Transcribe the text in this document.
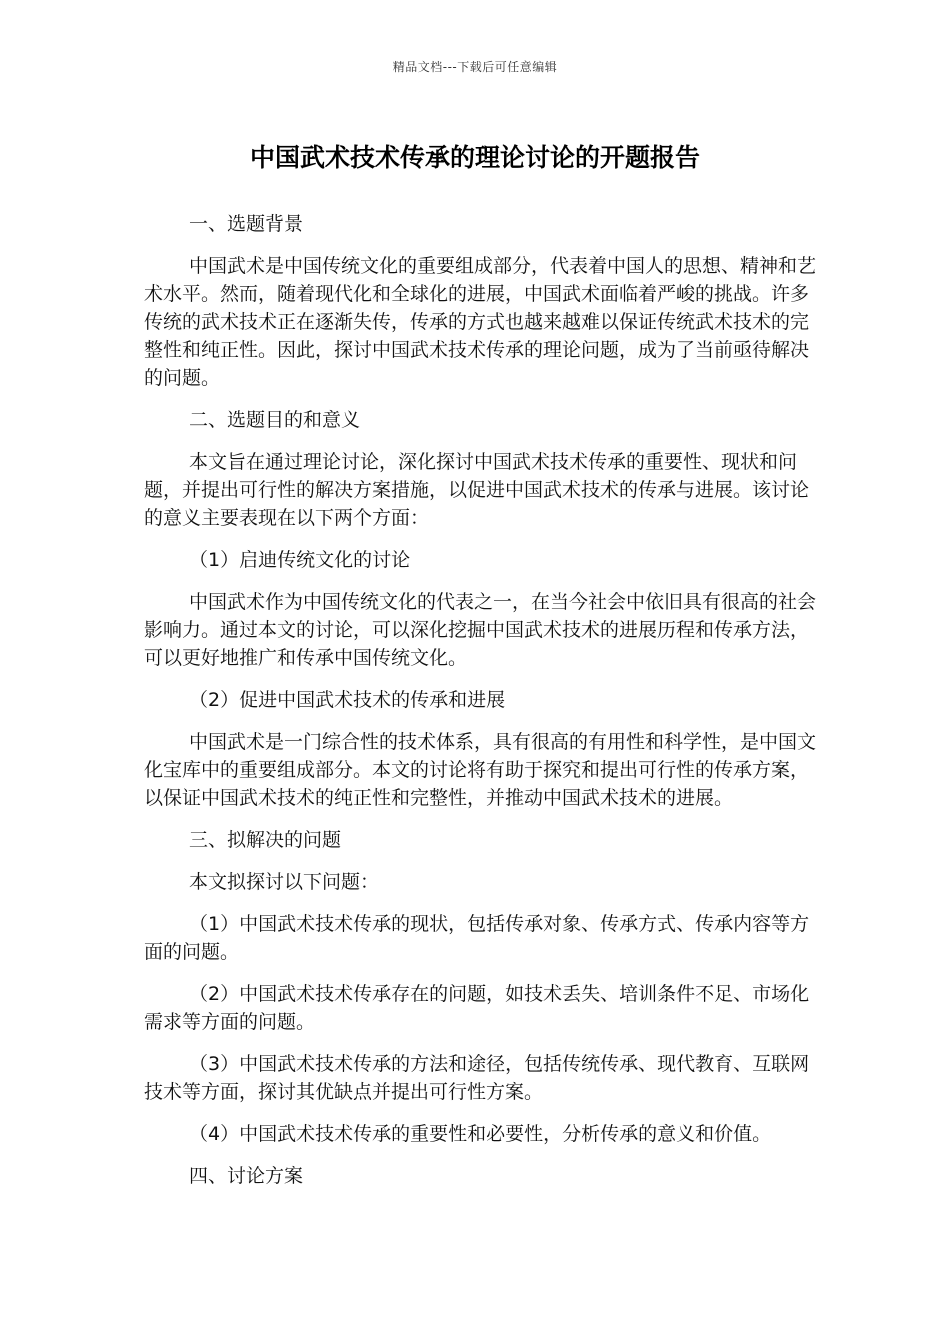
精品文档---下载后可任意编辑
中国武术技术传承的理论讨论的开题报告

一、选题背景

中国武术是中国传统文化的重要组成部分，代表着中国人的思想、精神和艺术水平。然而，随着现代化和全球化的进展，中国武术面临着严峻的挑战。许多传统的武术技术正在逐渐失传，传承的方式也越来越难以保证传统武术技术的完整性和纯正性。因此，探讨中国武术技术传承的理论问题，成为了当前亟待解决的问题。

二、选题目的和意义

本文旨在通过理论讨论，深化探讨中国武术技术传承的重要性、现状和问题，并提出可行性的解决方案措施，以促进中国武术技术的传承与进展。该讨论的意义主要表现在以下两个方面：

（1）启迪传统文化的讨论

中国武术作为中国传统文化的代表之一，在当今社会中依旧具有很高的社会影响力。通过本文的讨论，可以深化挖掘中国武术技术的进展历程和传承方法，可以更好地推广和传承中国传统文化。

（2）促进中国武术技术的传承和进展

中国武术是一门综合性的技术体系，具有很高的有用性和科学性，是中国文化宝库中的重要组成部分。本文的讨论将有助于探究和提出可行性的传承方案，以保证中国武术技术的纯正性和完整性，并推动中国武术技术的进展。

三、拟解决的问题

本文拟探讨以下问题：

（1）中国武术技术传承的现状，包括传承对象、传承方式、传承内容等方面的问题。

（2）中国武术技术传承存在的问题，如技术丢失、培训条件不足、市场化需求等方面的问题。

（3）中国武术技术传承的方法和途径，包括传统传承、现代教育、互联网技术等方面，探讨其优缺点并提出可行性方案。

（4）中国武术技术传承的重要性和必要性，分析传承的意义和价值。

四、讨论方案
